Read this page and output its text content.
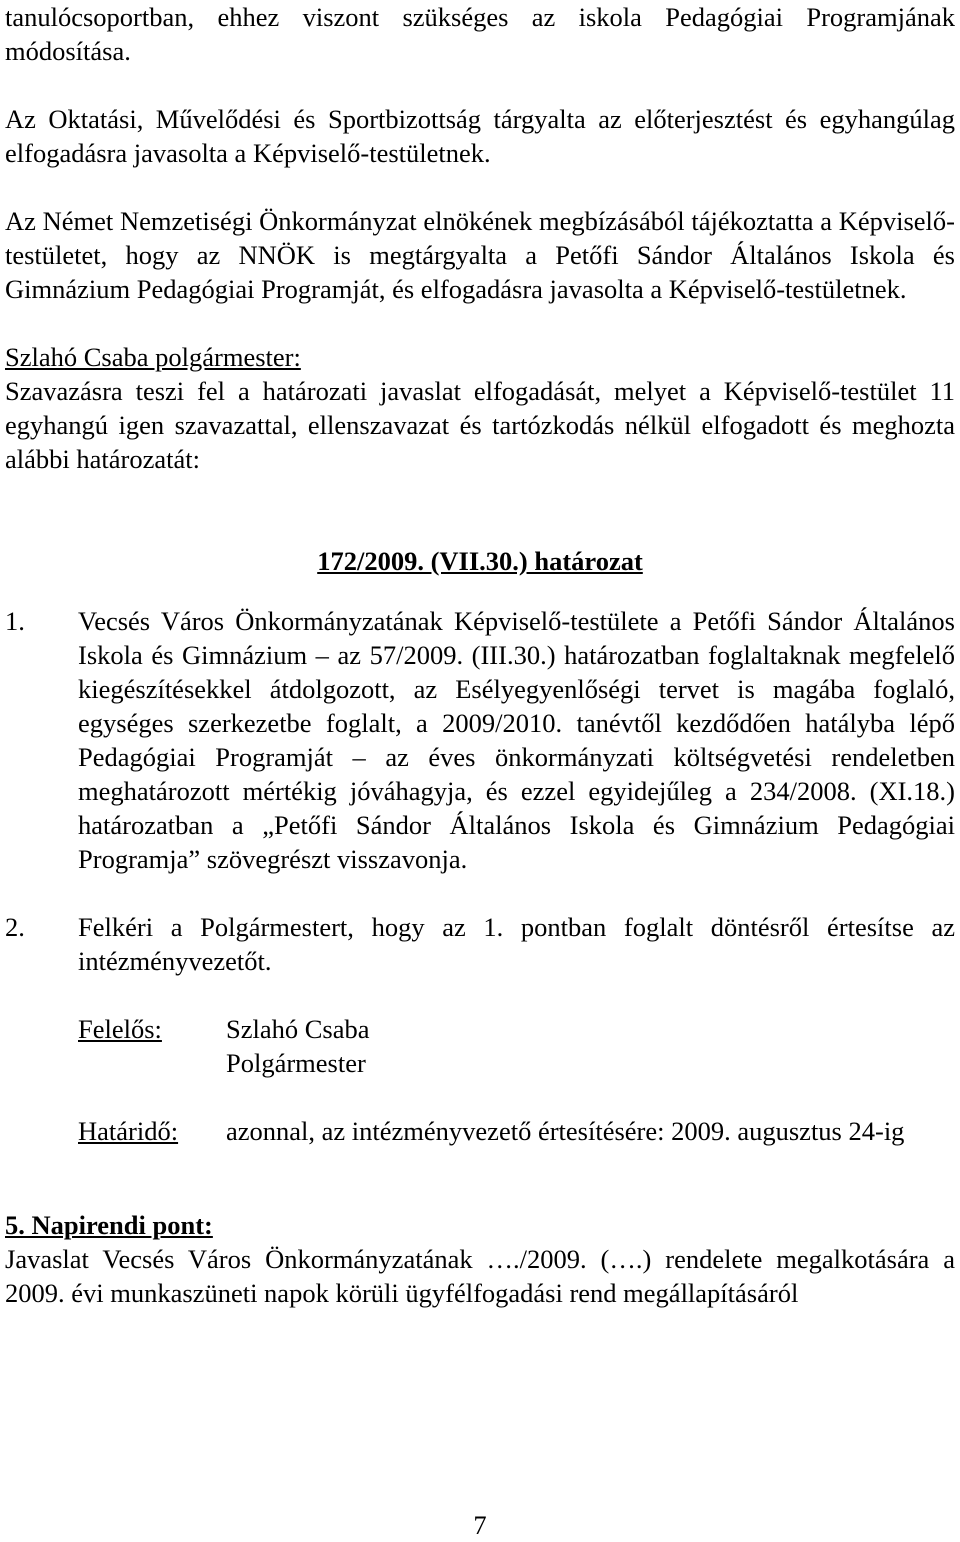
tanulócsoportban, ehhez viszont szükséges az iskola Pedagógiai Programjának módosítása.

Az Oktatási, Művelődési és Sportbizottság tárgyalta az előterjesztést és egyhangúlag elfogadásra javasolta a Képviselő-testületnek.

Az Német Nemzetiségi Önkormányzat elnökének megbízásából tájékoztatta a Képviselő-testületet, hogy az NNÖK is megtárgyalta a Petőfi Sándor Általános Iskola és Gimnázium Pedagógiai Programját, és elfogadásra javasolta a Képviselő-testületnek.

Szlahó Csaba polgármester:

Szavazásra teszi fel a határozati javaslat elfogadását, melyet a Képviselő-testület 11 egyhangú igen szavazattal, ellenszavazat és tartózkodás nélkül elfogadott és meghozta alábbi határozatát:

172/2009. (VII.30.) határozat
1.	Vecsés Város Önkormányzatának Képviselő-testülete a Petőfi Sándor Általános Iskola és Gimnázium – az 57/2009. (III.30.) határozatban foglaltaknak megfelelő kiegészítésekkel átdolgozott, az Esélyegyenlőségi tervet is magába foglaló, egységes szerkezetbe foglalt, a 2009/2010. tanévtől kezdődően hatályba lépő Pedagógiai Programját – az éves önkormányzati költségvetési rendeletben meghatározott mértékig jóváhagyja, és ezzel egyidejűleg a 234/2008. (XI.18.) határozatban a „Petőfi Sándor Általános Iskola és Gimnázium Pedagógiai Programja” szövegrészt visszavonja.
2.	Felkéri a Polgármestert, hogy az 1. pontban foglalt döntésről értesítse az intézményvezetőt.
Felelős:	Szlahó Csaba
Polgármester
Határidő:	azonnal, az intézményvezető értesítésére: 2009. augusztus 24-ig
5. Napirendi pont:

Javaslat Vecsés Város Önkormányzatának …./2009. (….) rendelete megalkotására a 2009. évi munkaszüneti napok körüli ügyfélfogadási rend megállapításáról

7
